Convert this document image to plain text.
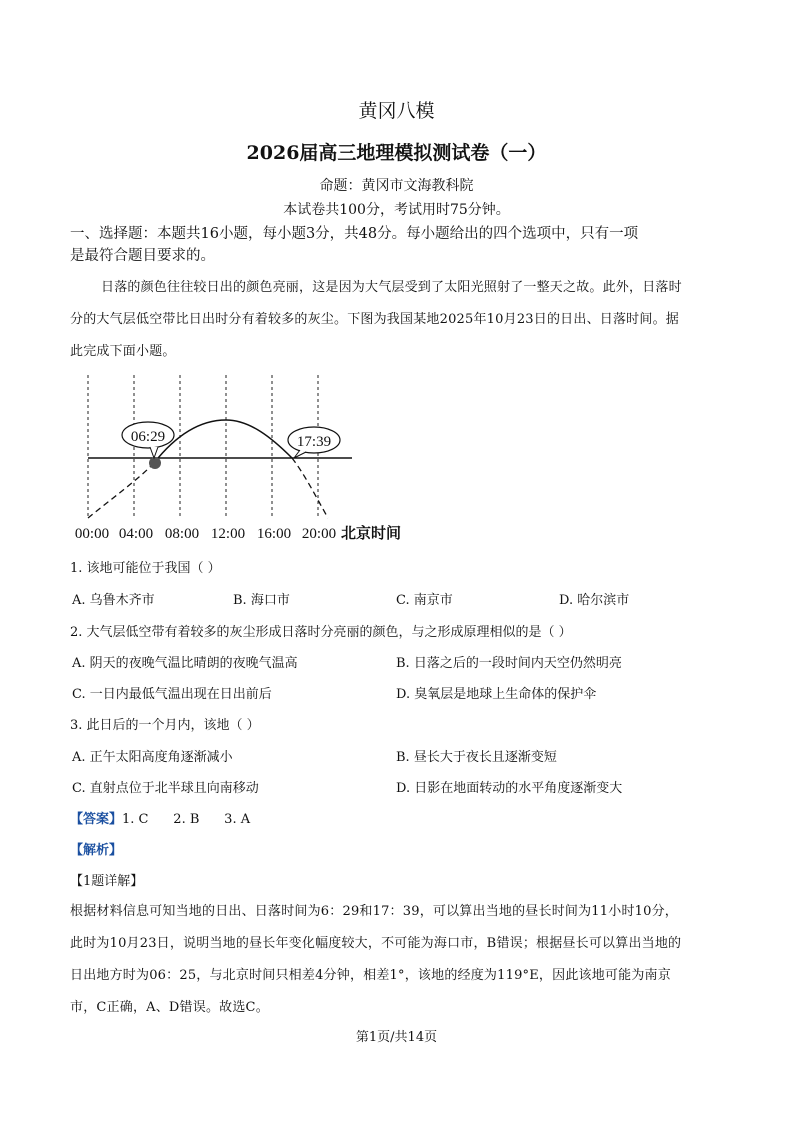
黄冈八模
2026届高三地理模拟测试卷（一）
命题：黄冈市文海教科院
本试卷共100分，考试用时75分钟。
一、选择题：本题共16小题，每小题3分，共48分。每小题给出的四个选项中，只有一项
是最符合题目要求的。
日落的颜色往往较日出的颜色亮丽，这是因为大气层受到了太阳光照射了一整天之故。此外，日落时
分的大气层低空带比日出时分有着较多的灰尘。下图为我国某地2025年10月23日的日出、日落时间。据
此完成下面小题。
06:29	17:39
00:00 04:00 08:00 12:00 16:00 20:00 北京时间
1. 该地可能位于我国（ ）
A. 乌鲁木齐市	B. 海口市	C. 南京市	D. 哈尔滨市
2. 大气层低空带有着较多的灰尘形成日落时分亮丽的颜色，与之形成原理相似的是（ ）
A. 阴天的夜晚气温比晴朗的夜晚气温高	B. 日落之后的一段时间内天空仍然明亮
C. 一日内最低气温出现在日出前后	D. 臭氧层是地球上生命体的保护伞
3. 此日后的一个月内，该地（ ）
A. 正午太阳高度角逐渐减小	B. 昼长大于夜长且逐渐变短
C. 直射点位于北半球且向南移动	D. 日影在地面转动的水平角度逐渐变大
【答案】1. C      2. B      3. A
【解析】
【1题详解】
根据材料信息可知当地的日出、日落时间为6：29和17：39，可以算出当地的昼长时间为11小时10分，
此时为10月23日，说明当地的昼长年变化幅度较大，不可能为海口市，B错误；根据昼长可以算出当地的
日出地方时为06：25，与北京时间只相差4分钟，相差1°，该地的经度为119°E，因此该地可能为南京
市，C正确，A、D错误。故选C。
第1页/共14页
